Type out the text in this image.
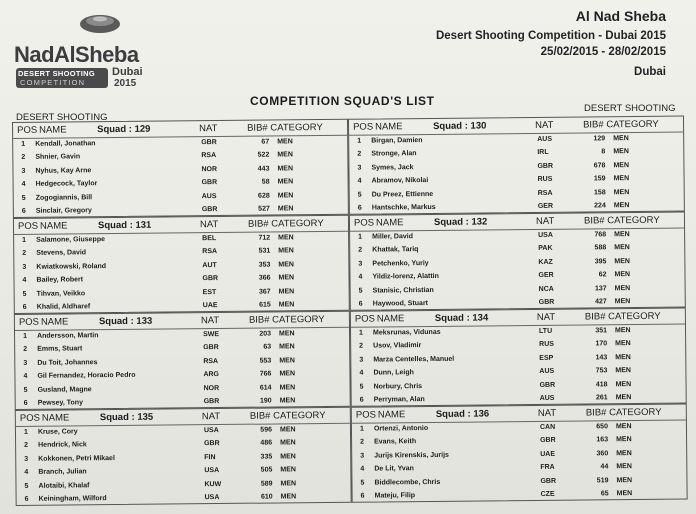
NadAlSheba
DESERT SHOOTING
COMPETITION
Dubai
2015
Al Nad Sheba
Desert Shooting Competition - Dubai 2015
25/02/2015 - 28/02/2015
Dubai
COMPETITION SQUAD'S LIST
DESERT SHOOTING
DESERT SHOOTING
POS NAME	Squad : 129	NAT	BIB# CATEGORY
1 Kendall, Jonathan	GBR	67 MEN
2 Shnier, Gavin	RSA	522 MEN
3 Nyhus, Kay Arne	NOR	443 MEN
4 Hedgecock, Taylor	GBR	58 MEN
5 Zogogiannis, Bill	AUS	628 MEN
6 Sinclair, Gregory	GBR	527 MEN
POS NAME	Squad : 130	NAT	BIB# CATEGORY
1 Birgan, Damien	AUS	129 MEN
2 Stronge, Alan	IRL	8 MEN
3 Symes, Jack	GBR	678 MEN
4 Abramov, Nikolai	RUS	159 MEN
5 Du Preez, Ettienne	RSA	158 MEN
6 Hantschke, Markus	GER	224 MEN
POS NAME	Squad : 131	NAT	BIB# CATEGORY
1 Salamone, Giuseppe	BEL	712 MEN
2 Stevens, David	RSA	531 MEN
3 Kwiatkowski, Roland	AUT	353 MEN
4 Bailey, Robert	GBR	366 MEN
5 Tihvan, Veikko	EST	367 MEN
6 Khalid, Aldharef	UAE	615 MEN
POS NAME	Squad : 132	NAT	BIB# CATEGORY
1 Miller, David	USA	768 MEN
2 Khattak, Tariq	PAK	588 MEN
3 Petchenko, Yuriy	KAZ	395 MEN
4 Yildiz-lorenz, Alattin	GER	62 MEN
5 Stanisic, Christian	NCA	137 MEN
6 Haywood, Stuart	GBR	427 MEN
POS NAME	Squad : 133	NAT	BIB# CATEGORY
1 Andersson, Martin	SWE	203 MEN
2 Emms, Stuart	GBR	63 MEN
3 Du Toit, Johannes	RSA	553 MEN
4 Gil Fernandez, Horacio Pedro	ARG	766 MEN
5 Gusland, Magne	NOR	614 MEN
6 Pewsey, Tony	GBR	190 MEN
POS NAME	Squad : 134	NAT	BIB# CATEGORY
1 Meksrunas, Vidunas	LTU	351 MEN
2 Usov, Vladimir	RUS	170 MEN
3 Marza Centelles, Manuel	ESP	143 MEN
4 Dunn, Leigh	AUS	753 MEN
5 Norbury, Chris	GBR	418 MEN
6 Perryman, Alan	AUS	261 MEN
POS NAME	Squad : 135	NAT	BIB# CATEGORY
1 Kruse, Cory	USA	596 MEN
2 Hendrick, Nick	GBR	486 MEN
3 Kokkonen, Petri Mikael	FIN	335 MEN
4 Branch, Julian	USA	505 MEN
5 Alotaibi, Khalaf	KUW	589 MEN
6 Keiningham, Wilford	USA	610 MEN
POS NAME	Squad : 136	NAT	BIB# CATEGORY
1 Ortenzi, Antonio	CAN	650 MEN
2 Evans, Keith	GBR	163 MEN
3 Jurijs Kirenskis, Jurijs	UAE	360 MEN
4 De Lit, Yvan	FRA	44 MEN
5 Biddlecombe, Chris	GBR	519 MEN
6 Mateju, Filip	CZE	65 MEN
